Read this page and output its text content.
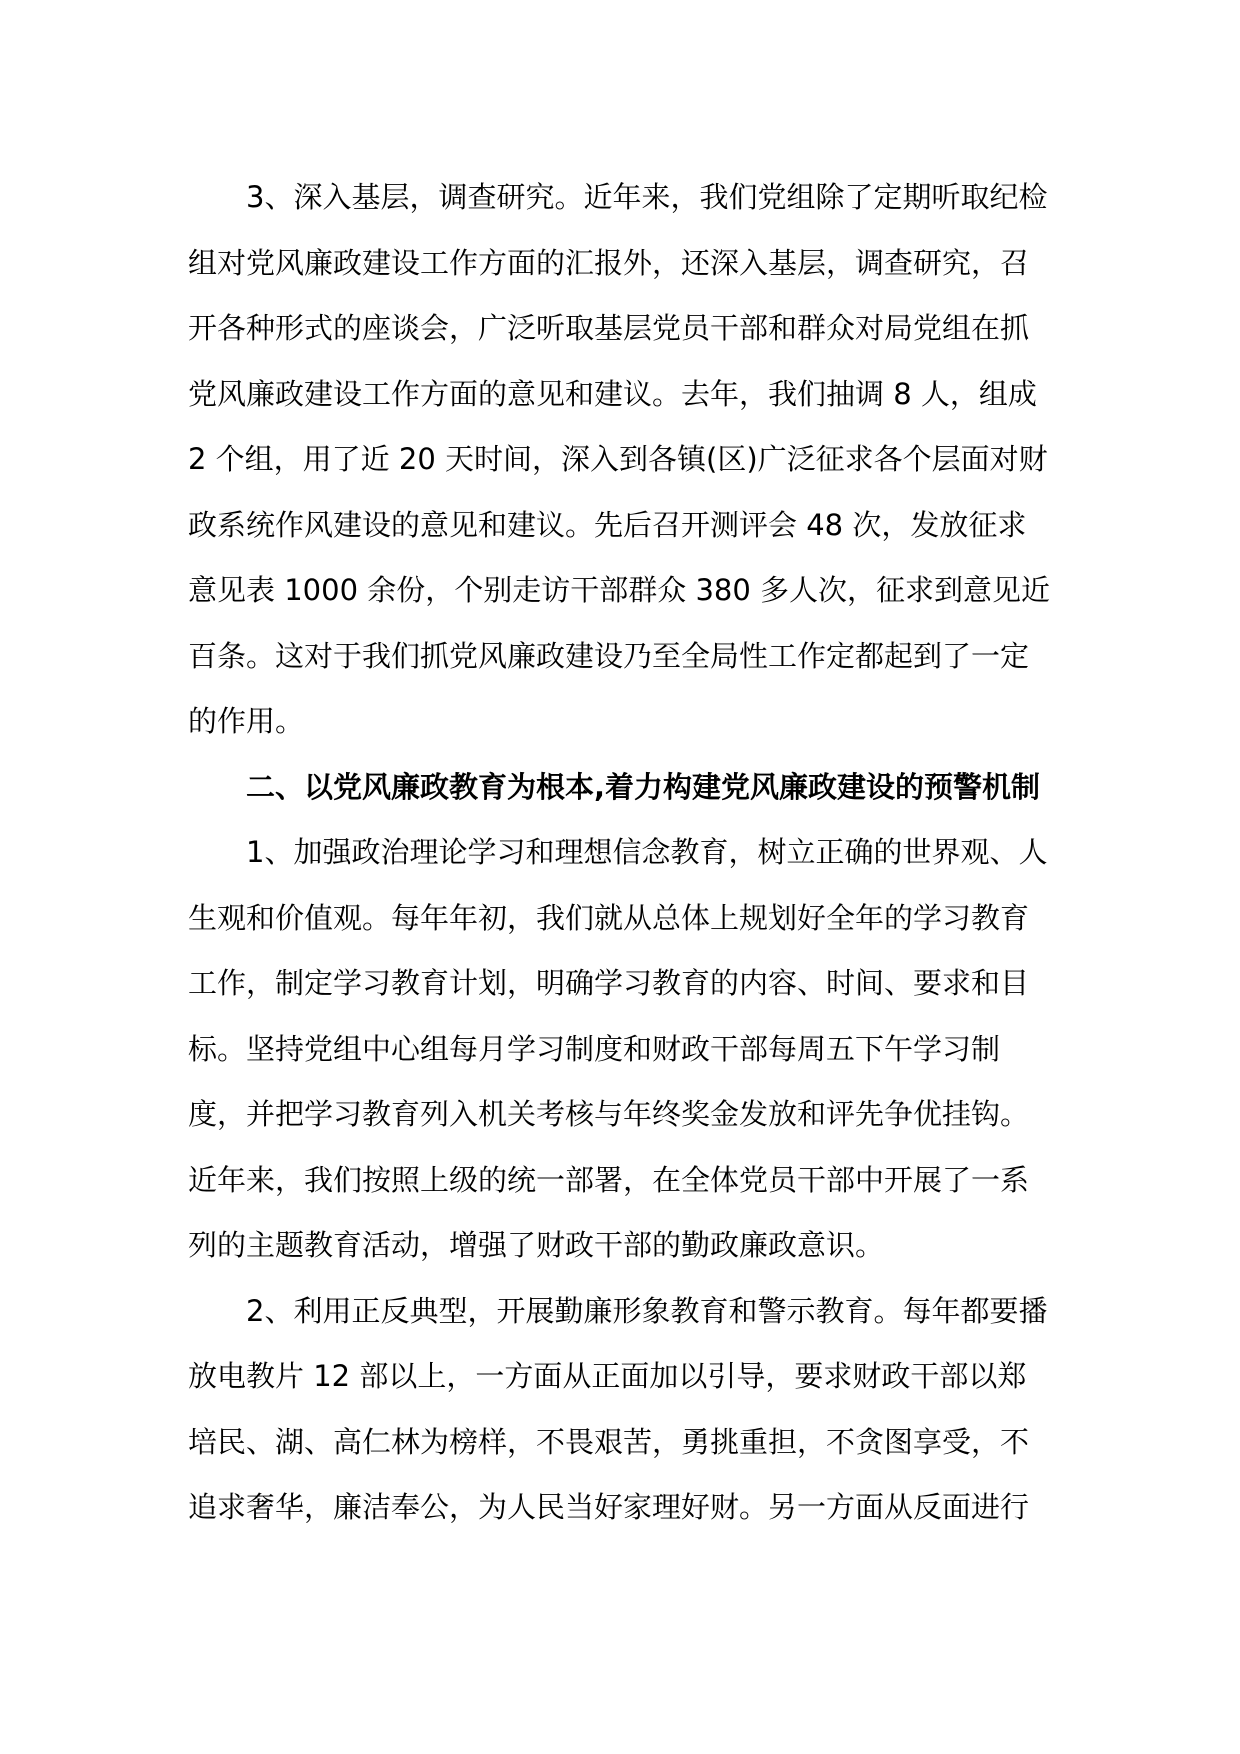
3、深入基层，调查研究。近年来，我们党组除了定期听取纪检
组对党风廉政建设工作方面的汇报外，还深入基层，调查研究，召
开各种形式的座谈会，广泛听取基层党员干部和群众对局党组在抓
党风廉政建设工作方面的意见和建议。去年，我们抽调 8 人，组成
2 个组，用了近 20 天时间，深入到各镇(区)广泛征求各个层面对财
政系统作风建设的意见和建议。先后召开测评会 48 次，发放征求
意见表 1000 余份，个别走访干部群众 380 多人次，征求到意见近
百条。这对于我们抓党风廉政建设乃至全局性工作定都起到了一定
的作用。
二、以党风廉政教育为根本,着力构建党风廉政建设的预警机制
1、加强政治理论学习和理想信念教育，树立正确的世界观、人
生观和价值观。每年年初，我们就从总体上规划好全年的学习教育
工作，制定学习教育计划，明确学习教育的内容、时间、要求和目
标。坚持党组中心组每月学习制度和财政干部每周五下午学习制
度，并把学习教育列入机关考核与年终奖金发放和评先争优挂钩。
近年来，我们按照上级的统一部署，在全体党员干部中开展了一系
列的主题教育活动，增强了财政干部的勤政廉政意识。
2、利用正反典型，开展勤廉形象教育和警示教育。每年都要播
放电教片 12 部以上，一方面从正面加以引导，要求财政干部以郑
培民、湖、高仁林为榜样，不畏艰苦，勇挑重担，不贪图享受，不
追求奢华，廉洁奉公，为人民当好家理好财。另一方面从反面进行
